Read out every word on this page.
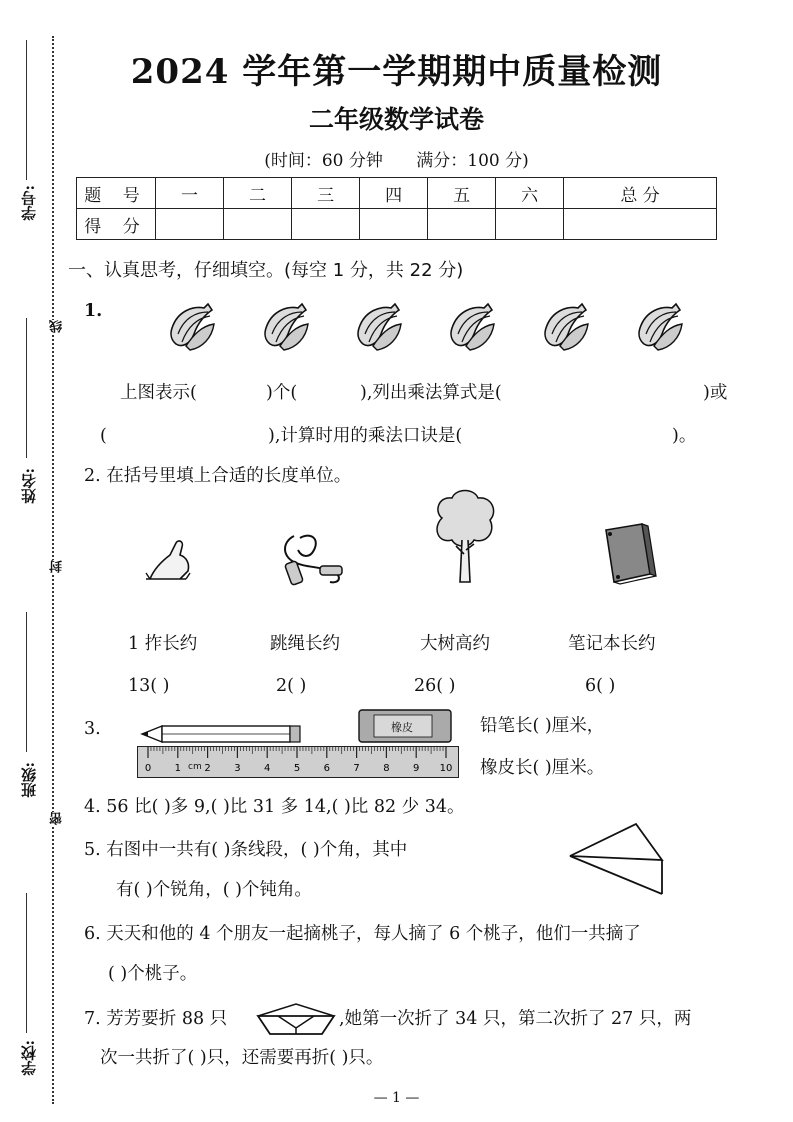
学号:
姓名:
班级:
学校:
线
封
密
2024 学年第一学期期中质量检测
二年级数学试卷
(时间：60 分钟 满分：100 分)
题 号	一	二	三	四	五	六	总 分
得 分							
一、认真思考，仔细填空。(每空 1 分，共 22 分)
1.
上图表示(	)个(	),列出乘法算式是(	)或
(	),计算时用的乘法口诀是(	)。
2. 在括号里填上合适的长度单位。
1 拃长约	跳绳长约	大树高约	笔记本长约
13( )	2( )	26( )	6( )
3.	橡皮
0 1 2 3 4 5 6 7 8 9 10
cm
铅笔长( )厘米，
橡皮长( )厘米。
4. 56 比( )多 9,( )比 31 多 14,( )比 82 少 34。
5. 右图中一共有( )条线段，( )个角，其中
有( )个锐角，( )个钝角。
6. 天天和他的 4 个朋友一起摘桃子，每人摘了 6 个桃子，他们一共摘了
( )个桃子。
7. 芳芳要折 88 只	,她第一次折了 34 只，第二次折了 27 只，两
次一共折了( )只，还需要再折( )只。
— 1 —
